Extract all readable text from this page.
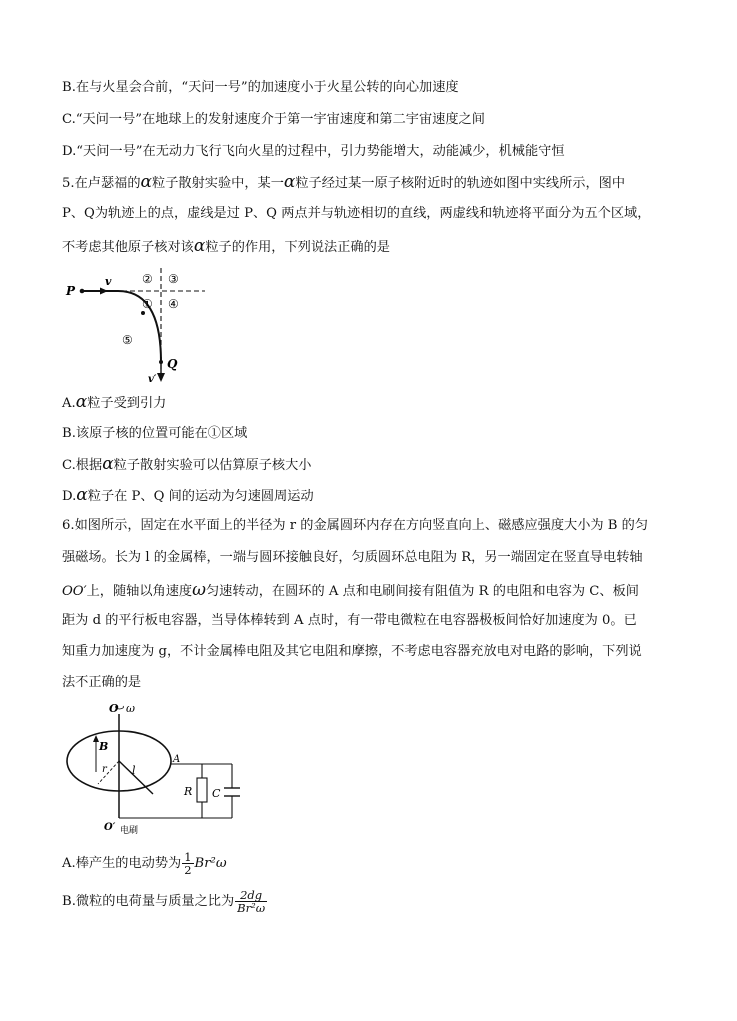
B.在与火星会合前，“天问一号”的加速度小于火星公转的向心加速度
C.“天问一号”在地球上的发射速度介于第一宇宙速度和第二宇宙速度之间
D.“天问一号”在无动力飞行飞向火星的过程中，引力势能增大，动能减少，机械能守恒
5.在卢瑟福的α粒子散射实验中，某一α粒子经过某一原子核附近时的轨迹如图中实线所示，图中
P、Q为轨迹上的点，虚线是过 P、Q 两点并与轨迹相切的直线，两虚线和轨迹将平面分为五个区域，
不考虑其他原子核对该α粒子的作用，下列说法正确的是
P
v
Q
v′
② ③
① ④
⑤
A.α粒子受到引力
B.该原子核的位置可能在①区域
C.根据α粒子散射实验可以估算原子核大小
D.α粒子在 P、Q 间的运动为匀速圆周运动
6.如图所示，固定在水平面上的半径为 r 的金属圆环内存在方向竖直向上、磁感应强度大小为 B 的匀
强磁场。长为 l 的金属棒，一端与圆环接触良好，匀质圆环总电阻为 R，另一端固定在竖直导电转轴
OO′上，随轴以角速度ω匀速转动，在圆环的 A 点和电刷间接有阻值为 R 的电阻和电容为 C、板间
距为 d 的平行板电容器，当导体棒转到 A 点时，有一带电微粒在电容器极板间恰好加速度为 0。已
知重力加速度为 g，不计金属棒电阻及其它电阻和摩擦，不考虑电容器充放电对电路的影响，下列说
法不正确的是
O ω
B
r l
A
R C
O′ 电刷
A.棒产生的电动势为 $\frac{1}{2} Br^2\omega$
B.微粒的电荷量与质量之比为 $\frac{2dg}{\text{Br²ω}}$
